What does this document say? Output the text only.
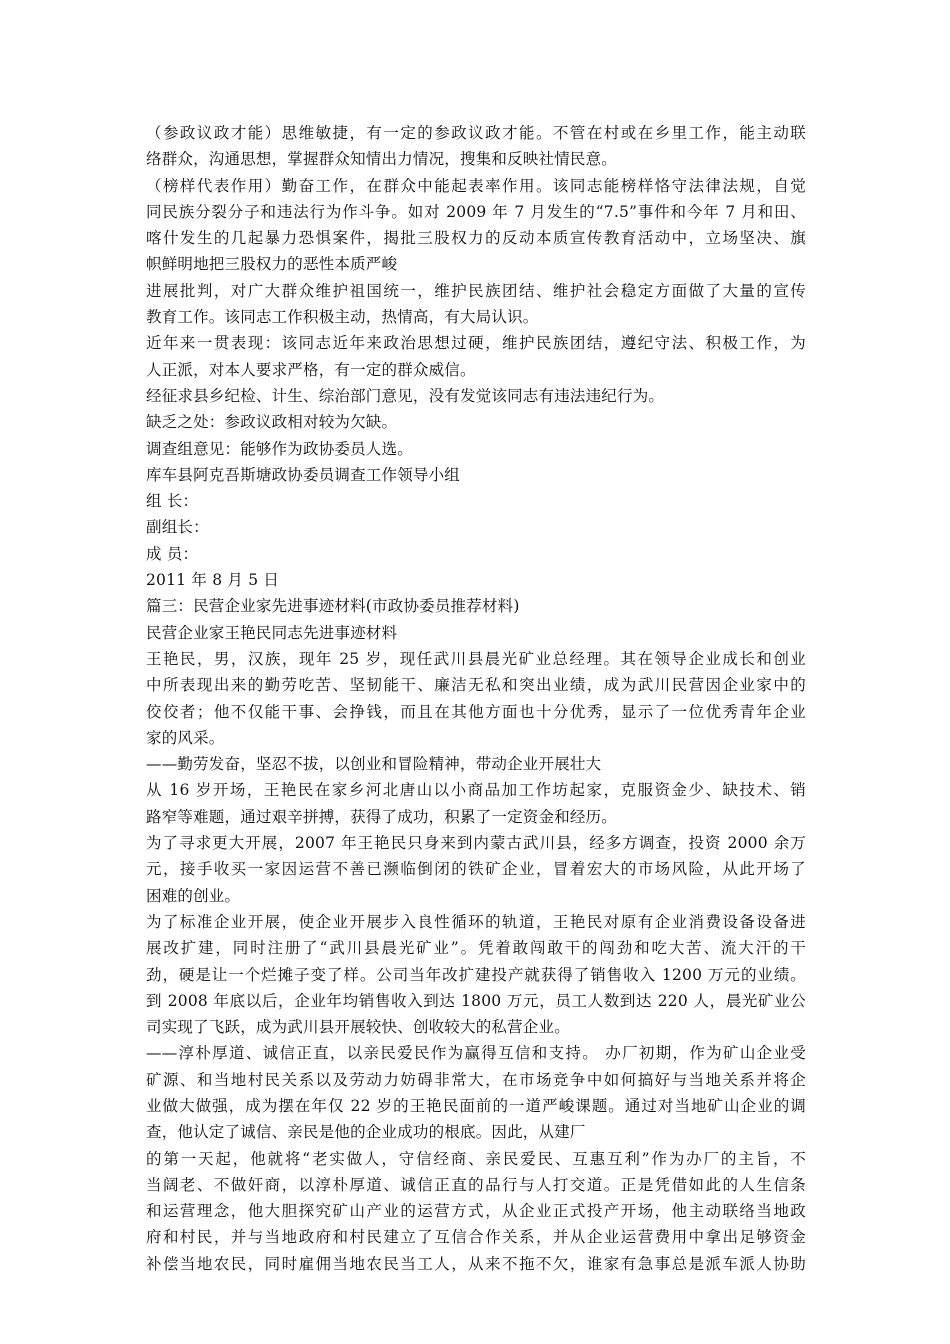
（参政议政才能）思维敏捷，有一定的参政议政才能。不管在村或在乡里工作，能主动联
络群众，沟通思想，掌握群众知情出力情况，搜集和反映社情民意。
（榜样代表作用）勤奋工作，在群众中能起表率作用。该同志能榜样恪守法律法规，自觉
同民族分裂分子和违法行为作斗争。如对 2009 年 7 月发生的“7.5”事件和今年 7 月和田、
喀什发生的几起暴力恐惧案件，揭批三股权力的反动本质宣传教育活动中，立场坚决、旗
帜鲜明地把三股权力的恶性本质严峻
进展批判，对广大群众维护祖国统一，维护民族团结、维护社会稳定方面做了大量的宣传
教育工作。该同志工作积极主动，热情高，有大局认识。
近年来一贯表现：该同志近年来政治思想过硬，维护民族团结，遵纪守法、积极工作，为
人正派，对本人要求严格，有一定的群众威信。
经征求县乡纪检、计生、综治部门意见，没有发觉该同志有违法违纪行为。
缺乏之处：参政议政相对较为欠缺。
调查组意见：能够作为政协委员人选。
库车县阿克吾斯塘政协委员调查工作领导小组
组 长：
副组长：
成 员：
2011 年 8 月 5 日
篇三：民营企业家先进事迹材料(市政协委员推荐材料)
民营企业家王艳民同志先进事迹材料
王艳民，男，汉族，现年 25 岁，现任武川县晨光矿业总经理。其在领导企业成长和创业
中所表现出来的勤劳吃苦、坚韧能干、廉洁无私和突出业绩，成为武川民营因企业家中的
佼佼者；他不仅能干事、会挣钱，而且在其他方面也十分优秀，显示了一位优秀青年企业
家的风采。
——勤劳发奋，坚忍不拔，以创业和冒险精神，带动企业开展壮大
从 16 岁开场，王艳民在家乡河北唐山以小商品加工作坊起家，克服资金少、缺技术、销
路窄等难题，通过艰辛拼搏，获得了成功，积累了一定资金和经历。
为了寻求更大开展，2007 年王艳民只身来到内蒙古武川县，经多方调查，投资 2000 余万
元，接手收买一家因运营不善已濒临倒闭的铁矿企业，冒着宏大的市场风险，从此开场了
困难的创业。
为了标准企业开展，使企业开展步入良性循环的轨道，王艳民对原有企业消费设备设备进
展改扩建，同时注册了“武川县晨光矿业”。凭着敢闯敢干的闯劲和吃大苦、流大汗的干
劲，硬是让一个烂摊子变了样。公司当年改扩建投产就获得了销售收入 1200 万元的业绩。
到 2008 年底以后，企业年均销售收入到达 1800 万元，员工人数到达 220 人，晨光矿业公
司实现了飞跃，成为武川县开展较快、创收较大的私营企业。
——淳朴厚道、诚信正直，以亲民爱民作为赢得互信和支持。 办厂初期，作为矿山企业受
矿源、和当地村民关系以及劳动力妨碍非常大，在市场竞争中如何搞好与当地关系并将企
业做大做强，成为摆在年仅 22 岁的王艳民面前的一道严峻课题。通过对当地矿山企业的调
查，他认定了诚信、亲民是他的企业成功的根底。因此，从建厂
的第一天起，他就将“老实做人，守信经商、亲民爱民、互惠互利”作为办厂的主旨，不
当阔老、不做奸商，以淳朴厚道、诚信正直的品行与人打交道。正是凭借如此的人生信条
和运营理念，他大胆探究矿山产业的运营方式，从企业正式投产开场，他主动联络当地政
府和村民，并与当地政府和村民建立了互信合作关系，并从企业运营费用中拿出足够资金
补偿当地农民，同时雇佣当地农民当工人，从来不拖不欠，谁家有急事总是派车派人协助
